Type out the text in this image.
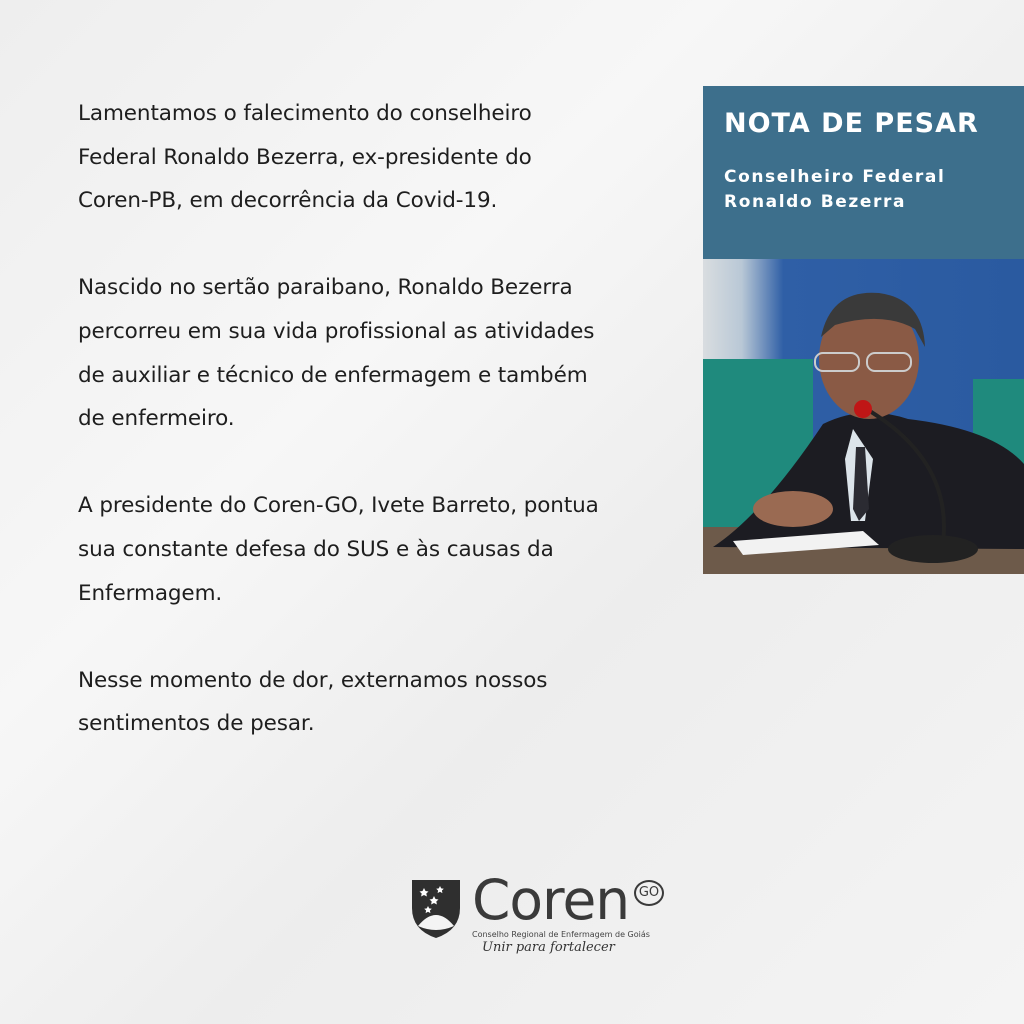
Lamentamos o falecimento do conselheiro
Federal Ronaldo Bezerra, ex-presidente do
Coren-PB, em decorrência da Covid-19.

Nascido no sertão paraibano, Ronaldo Bezerra
percorreu em sua vida profissional as atividades
de auxiliar e técnico de enfermagem e também
de enfermeiro.

A presidente do Coren-GO, Ivete Barreto, pontua
sua constante defesa do SUS e às causas da
Enfermagem.

Nesse momento de dor, externamos nossos
sentimentos de pesar.

NOTA DE PESAR
Conselheiro Federal
Ronaldo Bezerra
Coren GO
Conselho Regional de Enfermagem de Goiás
Unir para fortalecer
